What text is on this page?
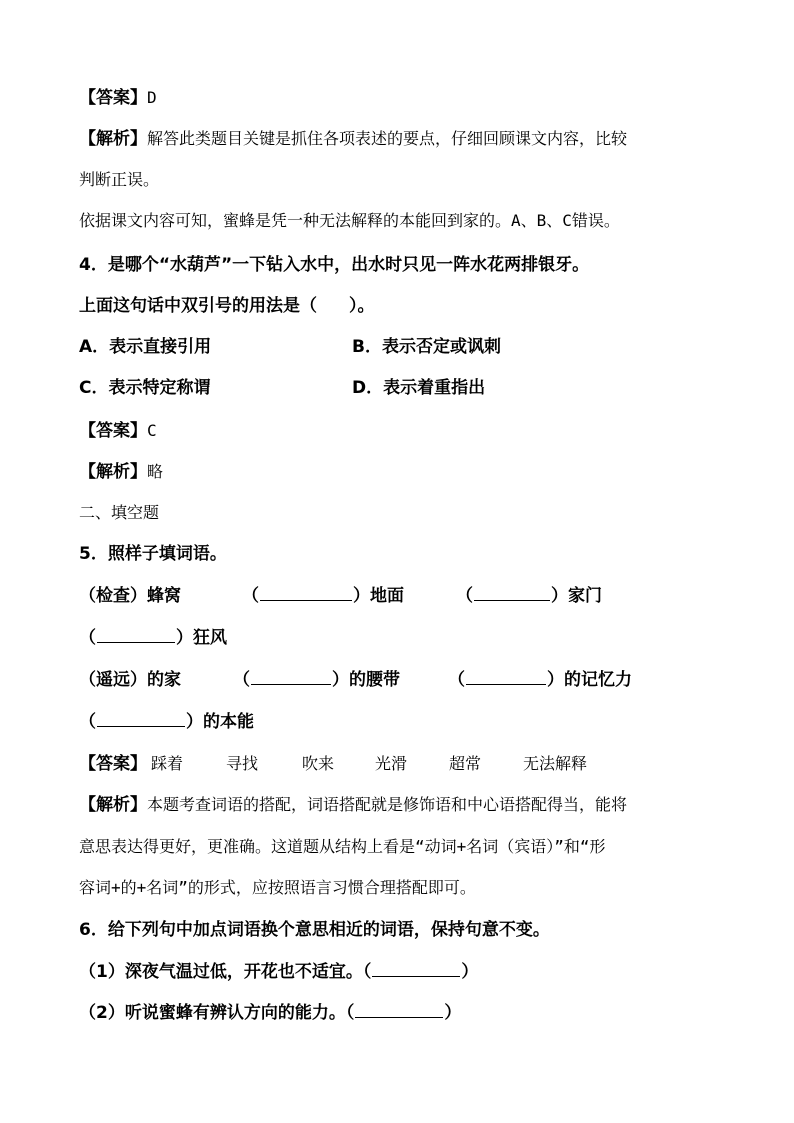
【答案】D
【解析】解答此类题目关键是抓住各项表述的要点，仔细回顾课文内容，比较
判断正误。
依据课文内容可知，蜜蜂是凭一种无法解释的本能回到家的。A、B、C错误。
4．是哪个“水葫芦”一下钻入水中，出水时只见一阵水花两排银牙。
上面这句话中双引号的用法是（ ）。
A．表示直接引用	B．表示否定或讽刺
C．表示特定称谓	D．表示着重指出
【答案】C
【解析】略
二、填空题
5．照样子填词语。
（检查）蜂窝	（	）地面	（	）家门
（	）狂风
（遥远）的家	（	）的腰带	（	）的记忆力
（	）的本能
【答案】 踩着	寻找	吹来	光滑	超常	无法解释
【解析】本题考查词语的搭配，词语搭配就是修饰语和中心语搭配得当，能将
意思表达得更好，更准确。这道题从结构上看是“动词+名词（宾语）”和“形
容词+的+名词”的形式，应按照语言习惯合理搭配即可。
6．给下列句中加点词语换个意思相近的词语，保持句意不变。
（1）深夜气温过低，开花也不适宜。（	）
（2）听说蜜蜂有辨认方向的能力。（	）
